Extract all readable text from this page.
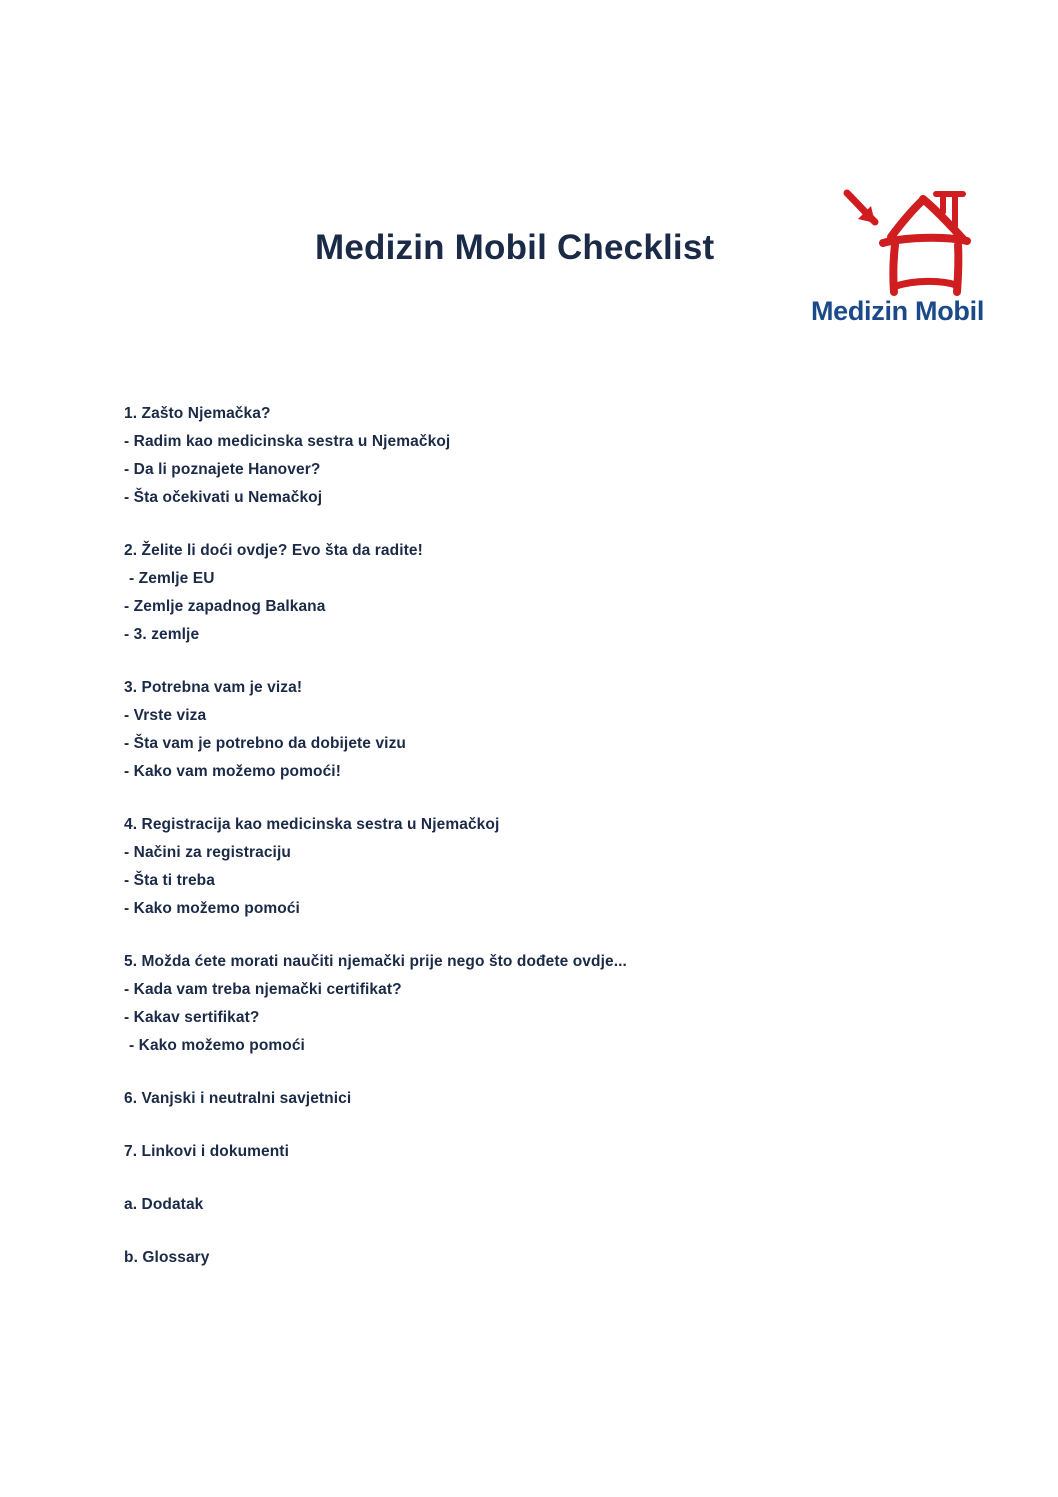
Medizin Mobil Checklist
Medizin Mobil
1. Zašto Njemačka?
- Radim kao medicinska sestra u Njemačkoj
- Da li poznajete Hanover?
- Šta očekivati u Nemačkoj
2. Želite li doći ovdje? Evo šta da radite!
- Zemlje EU
- Zemlje zapadnog Balkana
- 3. zemlje
3. Potrebna vam je viza!
- Vrste viza
- Šta vam je potrebno da dobijete vizu
- Kako vam možemo pomoći!
4. Registracija kao medicinska sestra u Njemačkoj
- Načini za registraciju
- Šta ti treba
- Kako možemo pomoći
5. Možda ćete morati naučiti njemački prije nego što dođete ovdje...
- Kada vam treba njemački certifikat?
- Kakav sertifikat?
- Kako možemo pomoći
6. Vanjski i neutralni savjetnici
7. Linkovi i dokumenti
a. Dodatak
b. Glossary
